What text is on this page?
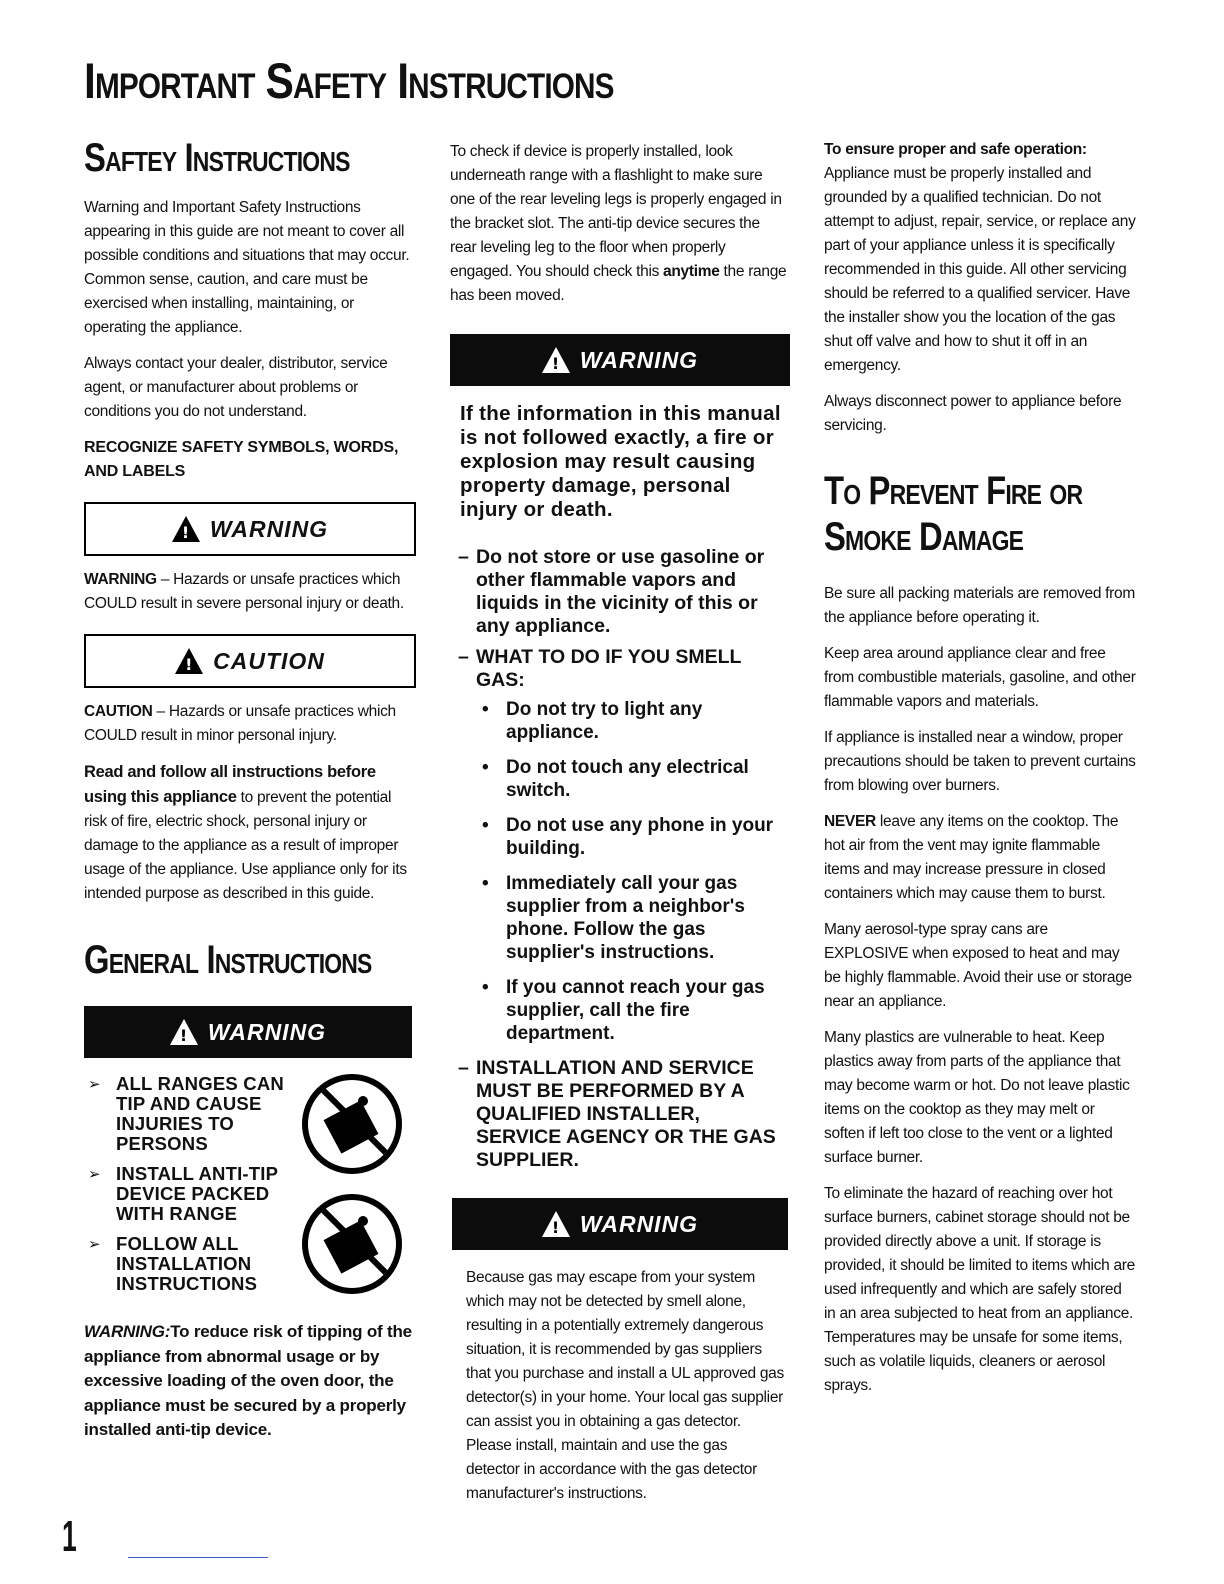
Important Safety Instructions
Saftey Instructions

Warning and Important Safety Instructions appearing in this guide are not meant to cover all possible conditions and situations that may occur. Common sense, caution, and care must be exercised when installing, maintaining, or operating the appliance.

Always contact your dealer, distributor, service agent, or manufacturer about problems or conditions you do not understand.

RECOGNIZE SAFETY SYMBOLS, WORDS, AND LABELS

!
WARNING

WARNING – Hazards or unsafe practices which COULD result in severe personal injury or death.

!
CAUTION

CAUTION – Hazards or unsafe practices which COULD result in minor personal injury.

Read and follow all instructions before using this appliance to prevent the potential risk of fire, electric shock, personal injury or damage to the appliance as a result of improper usage of the appliance. Use appliance only for its intended purpose as described in this guide.

General Instructions
!
WARNING
➢ ALL RANGES CAN TIP AND CAUSE INJURIES TO PERSONS
➢ INSTALL ANTI-TIP DEVICE PACKED WITH RANGE
➢ FOLLOW ALL INSTALLATION INSTRUCTIONS

WARNING:To reduce risk of tipping of the appliance from abnormal usage or by excessive loading of the oven door, the appliance must be secured by a properly installed anti-tip device.

To check if device is properly installed, look underneath range with a flashlight to make sure one of the rear leveling legs is properly engaged in the bracket slot. The anti-tip device secures the rear leveling leg to the floor when properly engaged. You should check this anytime the range has been moved.

!
WARNING

If the information in this manual is not followed exactly, a fire or explosion may result causing property damage, personal injury or death.

– Do not store or use gasoline or other flammable vapors and liquids in the vicinity of this or any appliance.
– WHAT TO DO IF YOU SMELL GAS:
• Do not try to light any appliance.
• Do not touch any electrical switch.
• Do not use any phone in your building.
• Immediately call your gas supplier from a neighbor's phone. Follow the gas supplier's instructions.
• If you cannot reach your gas supplier, call the fire department.
– INSTALLATION AND SERVICE MUST BE PERFORMED BY A QUALIFIED INSTALLER, SERVICE AGENCY OR THE GAS SUPPLIER.
!
WARNING

Because gas may escape from your system which may not be detected by smell alone, resulting in a potentially extremely dangerous situation, it is recommended by gas suppliers that you purchase and install a UL approved gas detector(s) in your home. Your local gas supplier can assist you in obtaining a gas detector. Please install, maintain and use the gas detector in accordance with the gas detector manufacturer's instructions.

To ensure proper and safe operation:
Appliance must be properly installed and grounded by a qualified technician. Do not attempt to adjust, repair, service, or replace any part of your appliance unless it is specifically recommended in this guide. All other servicing should be referred to a qualified servicer. Have the installer show you the location of the gas shut off valve and how to shut it off in an emergency.

Always disconnect power to appliance before servicing.

To Prevent Fire or Smoke Damage

Be sure all packing materials are removed from the appliance before operating it.

Keep area around appliance clear and free from combustible materials, gasoline, and other flammable vapors and materials.

If appliance is installed near a window, proper precautions should be taken to prevent curtains from blowing over burners.

NEVER leave any items on the cooktop. The hot air from the vent may ignite flammable items and may increase pressure in closed containers which may cause them to burst.

Many aerosol-type spray cans are EXPLOSIVE when exposed to heat and may be highly flammable. Avoid their use or storage near an appliance.

Many plastics are vulnerable to heat. Keep plastics away from parts of the appliance that may become warm or hot. Do not leave plastic items on the cooktop as they may melt or soften if left too close to the vent or a lighted surface burner.

To eliminate the hazard of reaching over hot surface burners, cabinet storage should not be provided directly above a unit. If storage is provided, it should be limited to items which are used infrequently and which are safely stored in an area subjected to heat from an appliance. Temperatures may be unsafe for some items, such as volatile liquids, cleaners or aerosol sprays.

1
